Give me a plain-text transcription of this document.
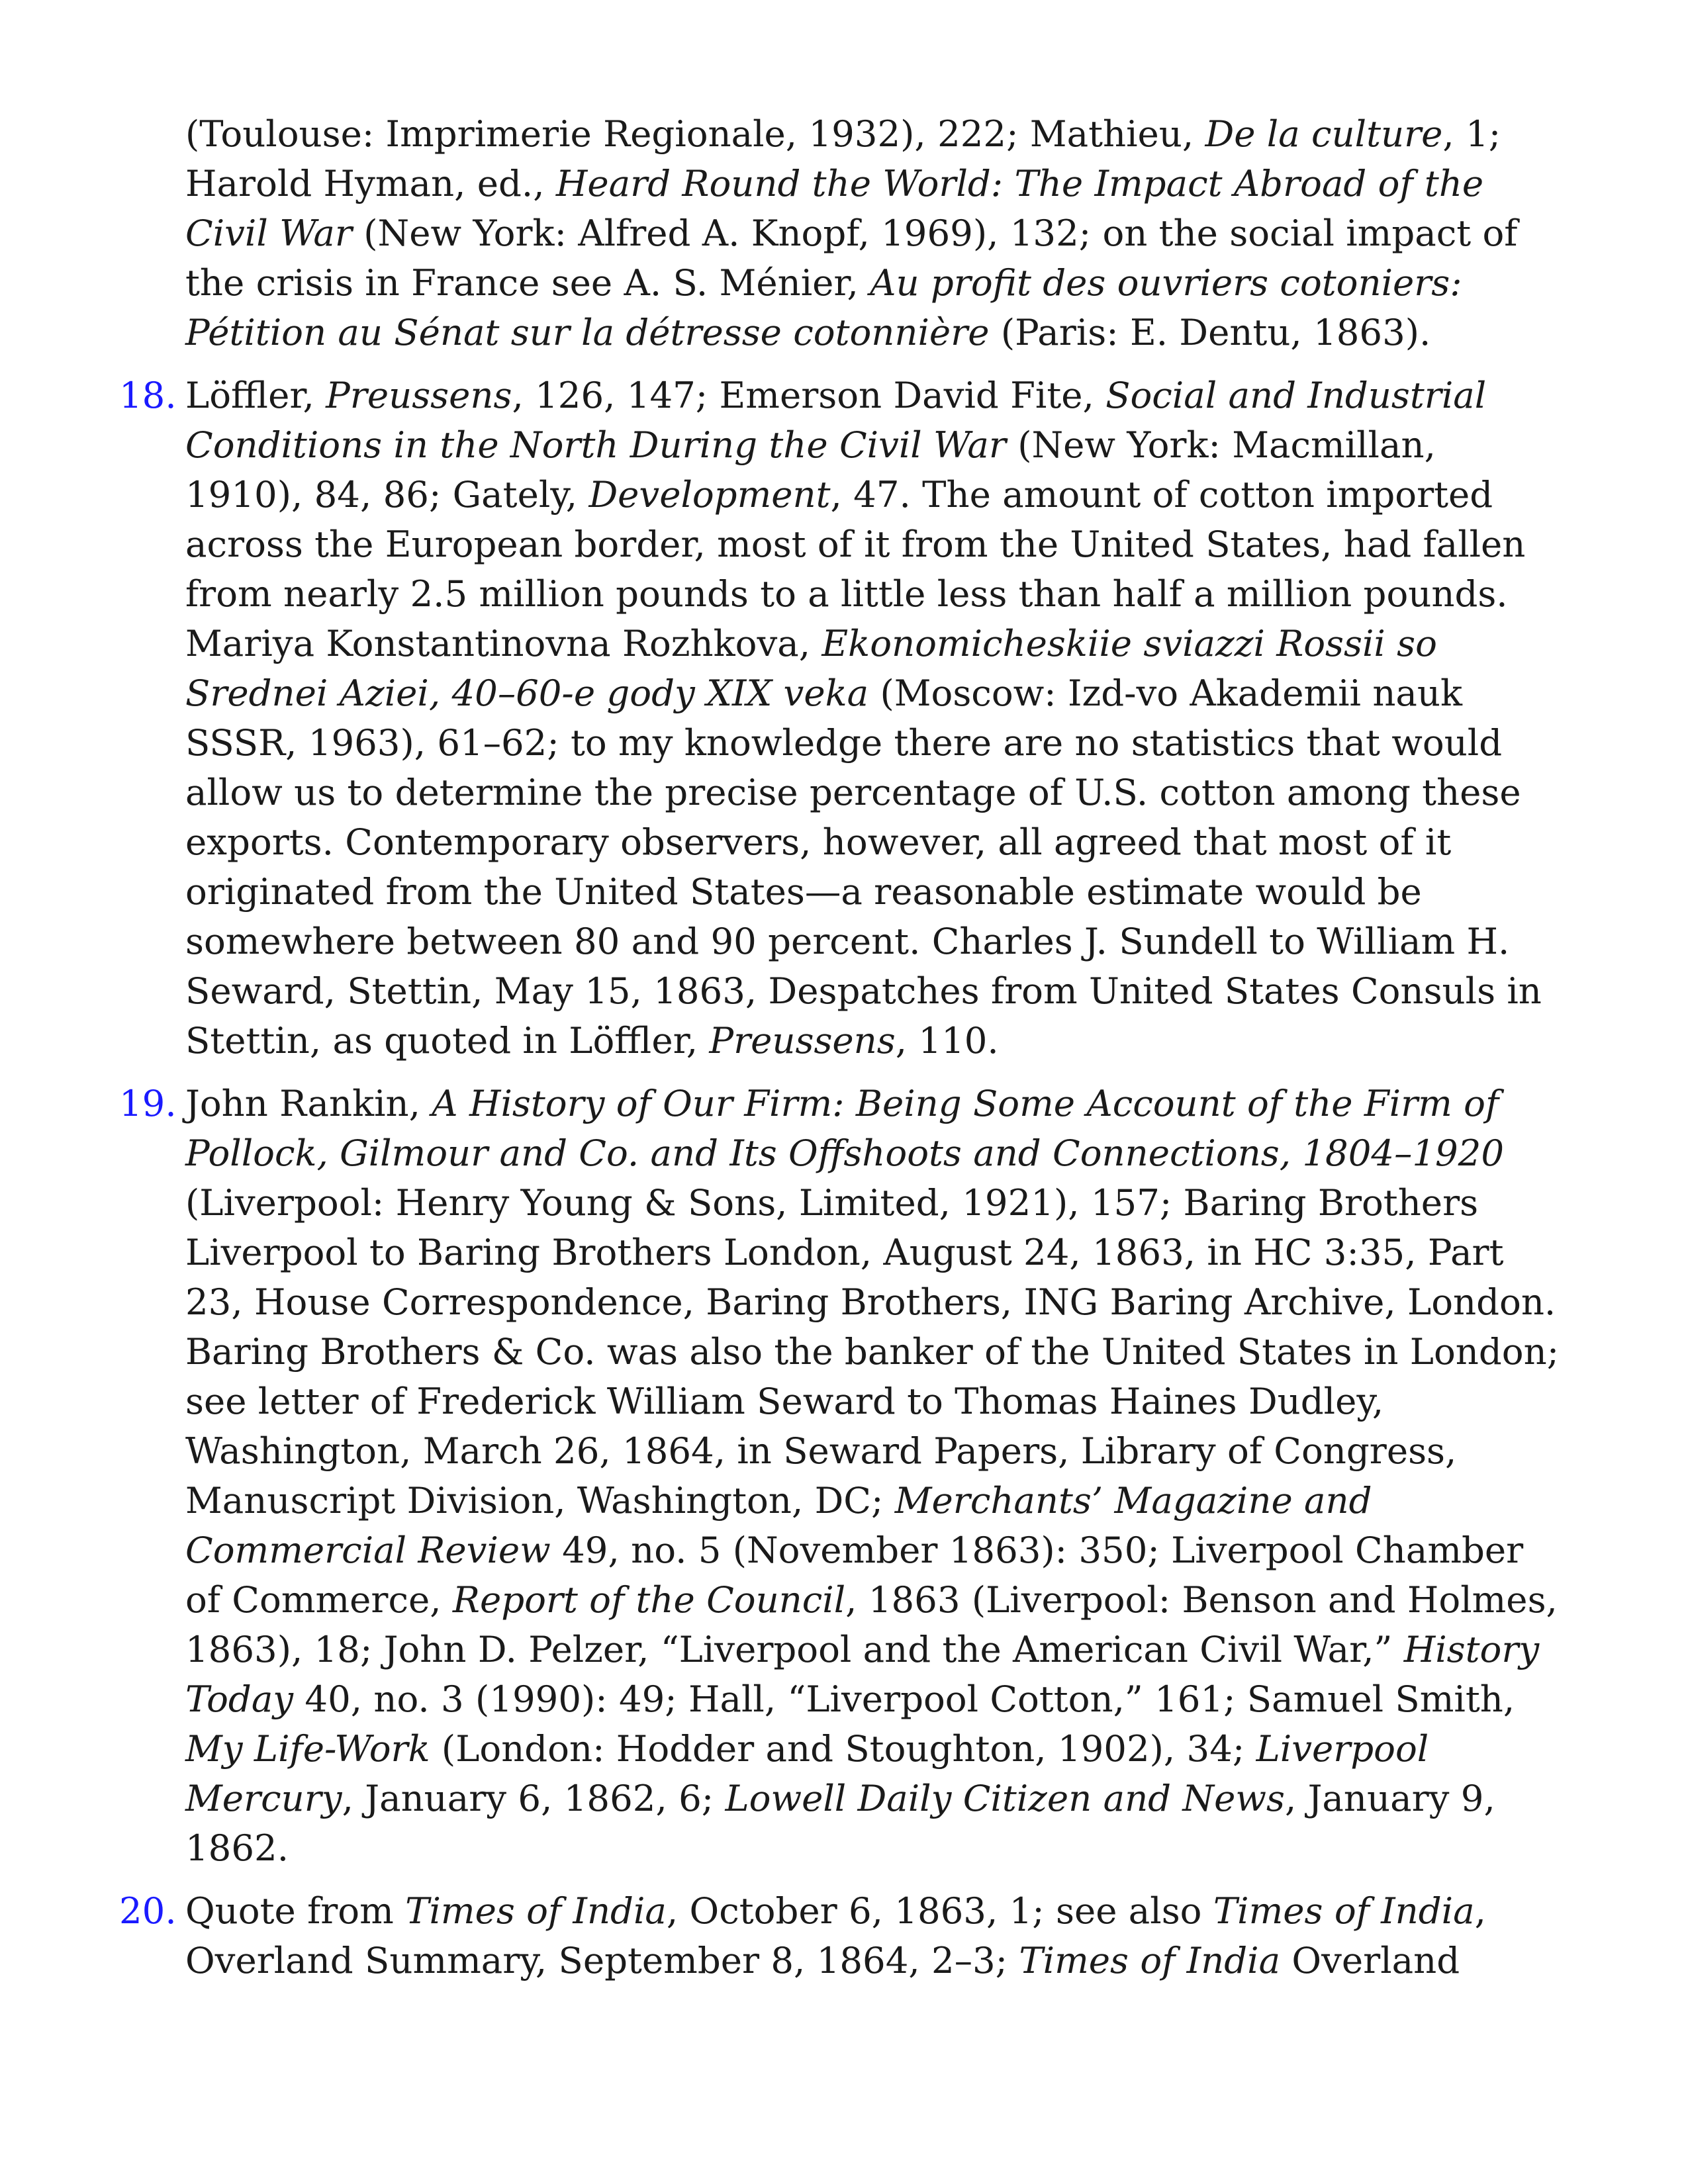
(Toulouse: Imprimerie Regionale, 1932), 222; Mathieu, De la culture, 1; Harold Hyman, ed., Heard Round the World: The Impact Abroad of the Civil War (New York: Alfred A. Knopf, 1969), 132; on the social impact of the crisis in France see A. S. Ménier, Au profit des ouvriers cotoniers: Pétition au Sénat sur la détresse cotonnière (Paris: E. Dentu, 1863).

18. Löffler, Preussens, 126, 147; Emerson David Fite, Social and Industrial Conditions in the North During the Civil War (New York: Macmillan, 1910), 84, 86; Gately, Development, 47. The amount of cotton imported across the European border, most of it from the United States, had fallen from nearly 2.5 million pounds to a little less than half a million pounds. Mariya Konstantinovna Rozhkova, Ekonomicheskiie sviazzi Rossii so Srednei Aziei, 40–60-e gody XIX veka (Moscow: Izd-vo Akademii nauk SSSR, 1963), 61–62; to my knowledge there are no statistics that would allow us to determine the precise percentage of U.S. cotton among these exports. Contemporary observers, however, all agreed that most of it originated from the United States—a reasonable estimate would be somewhere between 80 and 90 percent. Charles J. Sundell to William H. Seward, Stettin, May 15, 1863, Despatches from United States Consuls in Stettin, as quoted in Löffler, Preussens, 110.

19. John Rankin, A History of Our Firm: Being Some Account of the Firm of Pollock, Gilmour and Co. and Its Offshoots and Connections, 1804–1920 (Liverpool: Henry Young & Sons, Limited, 1921), 157; Baring Brothers Liverpool to Baring Brothers London, August 24, 1863, in HC 3:35, Part 23, House Correspondence, Baring Brothers, ING Baring Archive, London. Baring Brothers & Co. was also the banker of the United States in London; see letter of Frederick William Seward to Thomas Haines Dudley, Washington, March 26, 1864, in Seward Papers, Library of Congress, Manuscript Division, Washington, DC; Merchants’ Magazine and Commercial Review 49, no. 5 (November 1863): 350; Liverpool Chamber of Commerce, Report of the Council, 1863 (Liverpool: Benson and Holmes, 1863), 18; John D. Pelzer, “Liverpool and the American Civil War,” History Today 40, no. 3 (1990): 49; Hall, “Liverpool Cotton,” 161; Samuel Smith, My Life-Work (London: Hodder and Stoughton, 1902), 34; Liverpool Mercury, January 6, 1862, 6; Lowell Daily Citizen and News, January 9, 1862.

20. Quote from Times of India, October 6, 1863, 1; see also Times of India, Overland Summary, September 8, 1864, 2–3; Times of India Overland
